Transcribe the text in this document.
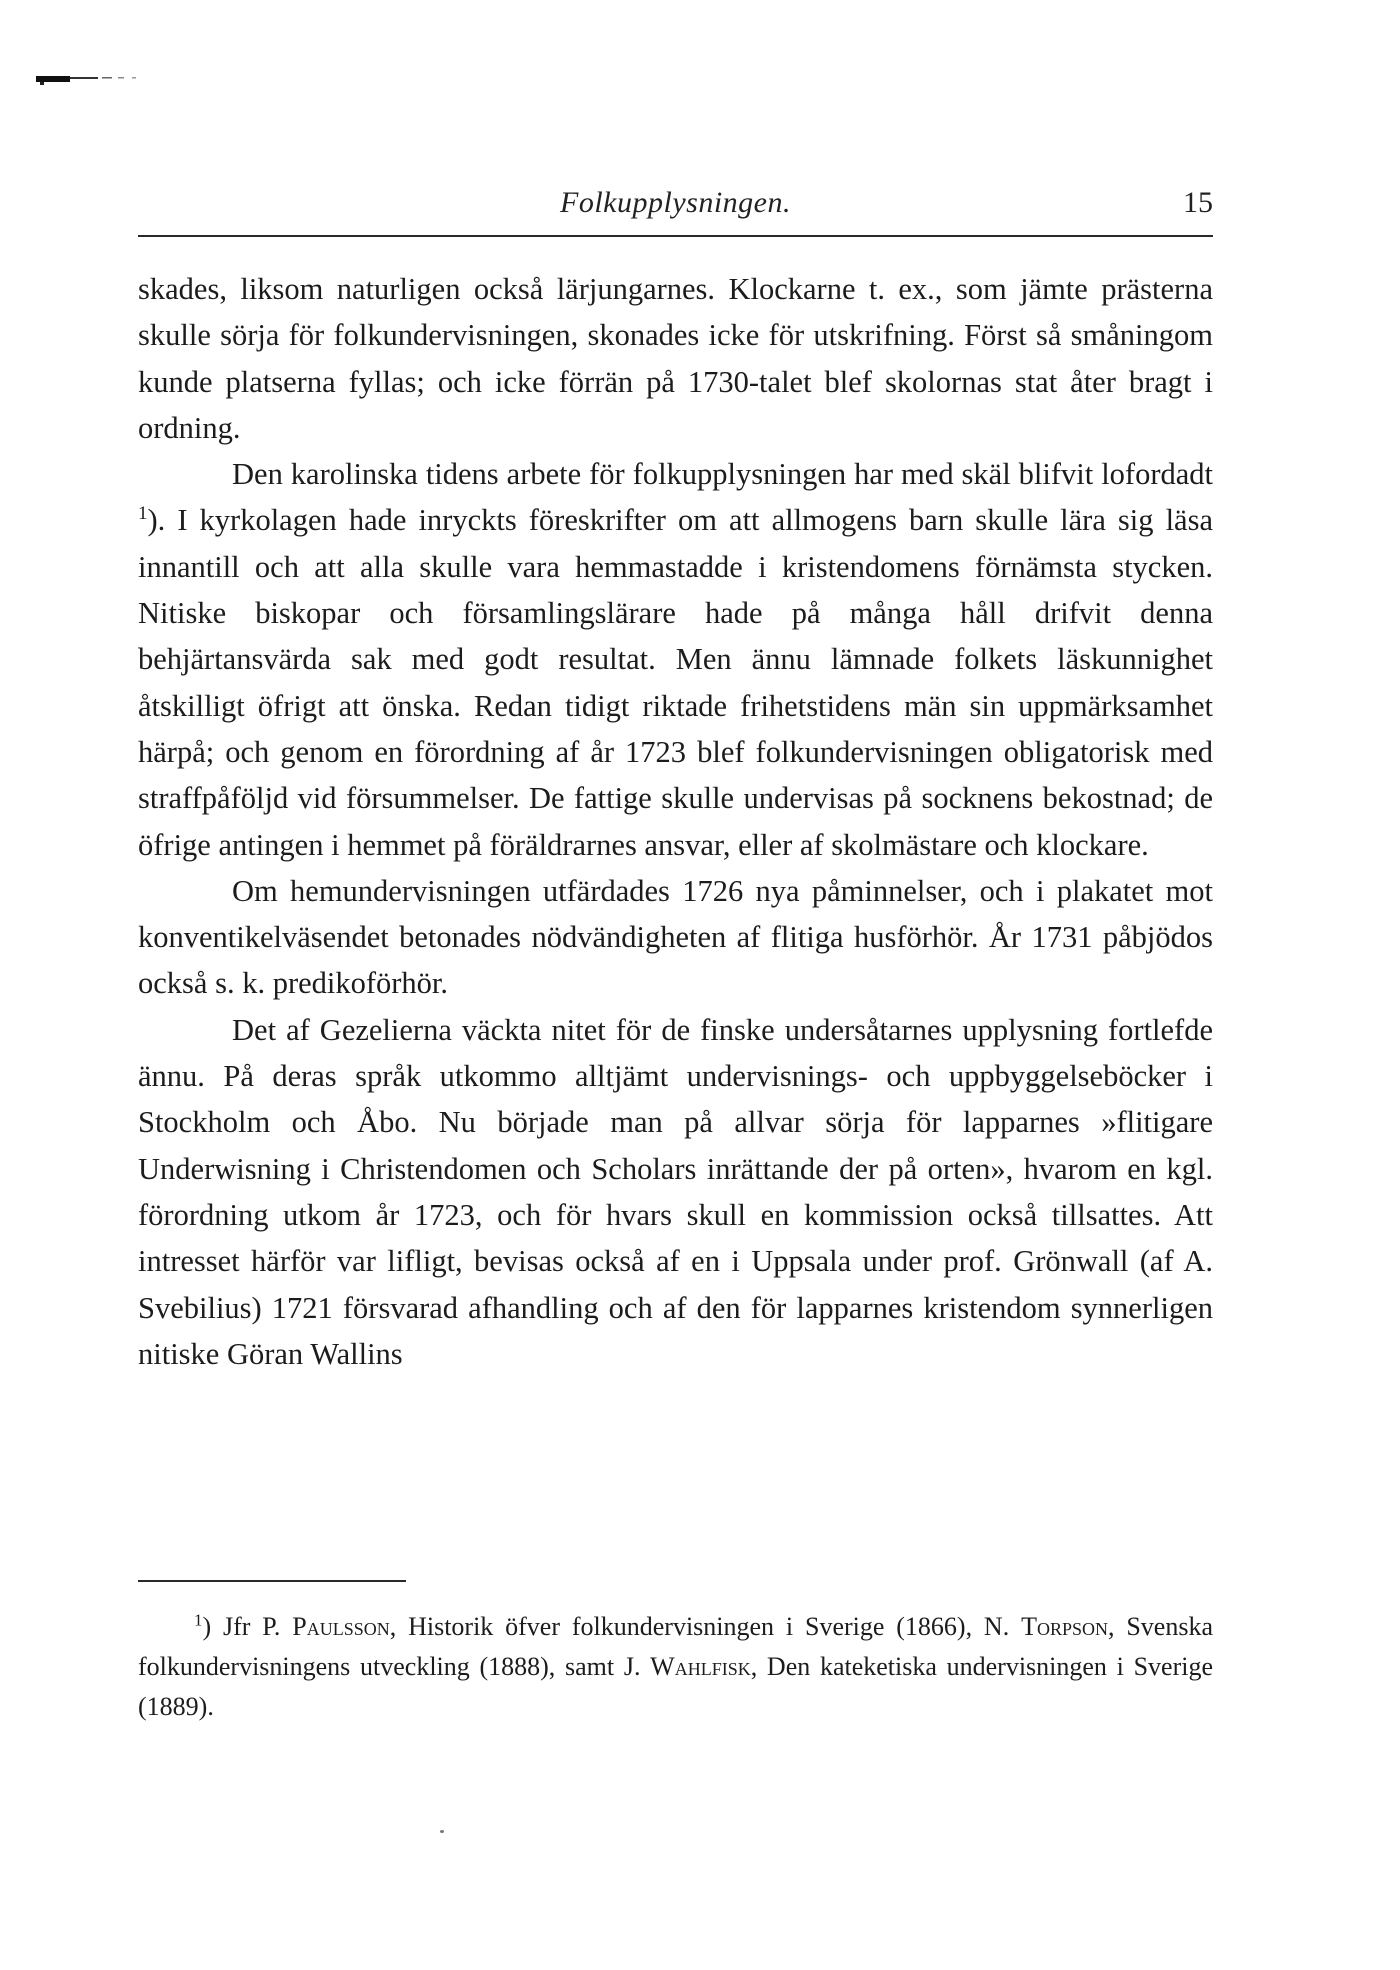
Folkupplysningen.	15

skades, liksom naturligen också lärjungarnes. Klockarne t. ex., som jämte prästerna skulle sörja för folkundervisningen, skonades icke för utskrifning. Först så småningom kunde platserna fyllas; och icke förrän på 1730-talet blef skolornas stat åter bragt i ordning.

Den karolinska tidens arbete för folkupplysningen har med skäl blifvit lofordadt $^1$). I kyrkolagen hade inryckts föreskrifter om att allmogens barn skulle lära sig läsa innantill och att alla skulle vara hemmastadde i kristendomens förnämsta stycken. Nitiske biskopar och församlingslärare hade på många håll drifvit denna behjärtansvärda sak med godt resultat. Men ännu lämnade folkets läskunnighet åtskilligt öfrigt att önska. Redan tidigt riktade frihetstidens män sin uppmärksamhet härpå; och genom en förordning af år 1723 blef folkundervisningen obligatorisk med straffpåföljd vid försummelser. De fattige skulle undervisas på socknens bekostnad; de öfrige antingen i hemmet på föräldrarnes ansvar, eller af skolmästare och klockare.

Om hemundervisningen utfärdades 1726 nya påminnelser, och i plakatet mot konventikelväsendet betonades nödvändigheten af flitiga husförhör. År 1731 påbjödos också s. k. predikoförhör.

Det af Gezelierna väckta nitet för de finske undersåtarnes upplysning fortlefde ännu. På deras språk utkommo alltjämt undervisnings- och uppbyggelseböcker i Stockholm och Åbo. Nu började man på allvar sörja för lapparnes »flitigare Underwisning i Christendomen och Scholars inrättande der på orten», hvarom en kgl. förordning utkom år 1723, och för hvars skull en kommission också tillsattes. Att intresset härför var lifligt, bevisas också af en i Uppsala under prof. Grönwall (af A. Svebilius) 1721 försvarad afhandling och af den för lapparnes kristendom synnerligen nitiske Göran Wallins

$^1$) Jfr P. Paulsson, Historik öfver folkundervisningen i Sverige (1866), N. Torpson, Svenska folkundervisningens utveckling (1888), samt J. Wahlfisk, Den kateketiska undervisningen i Sverige (1889).
